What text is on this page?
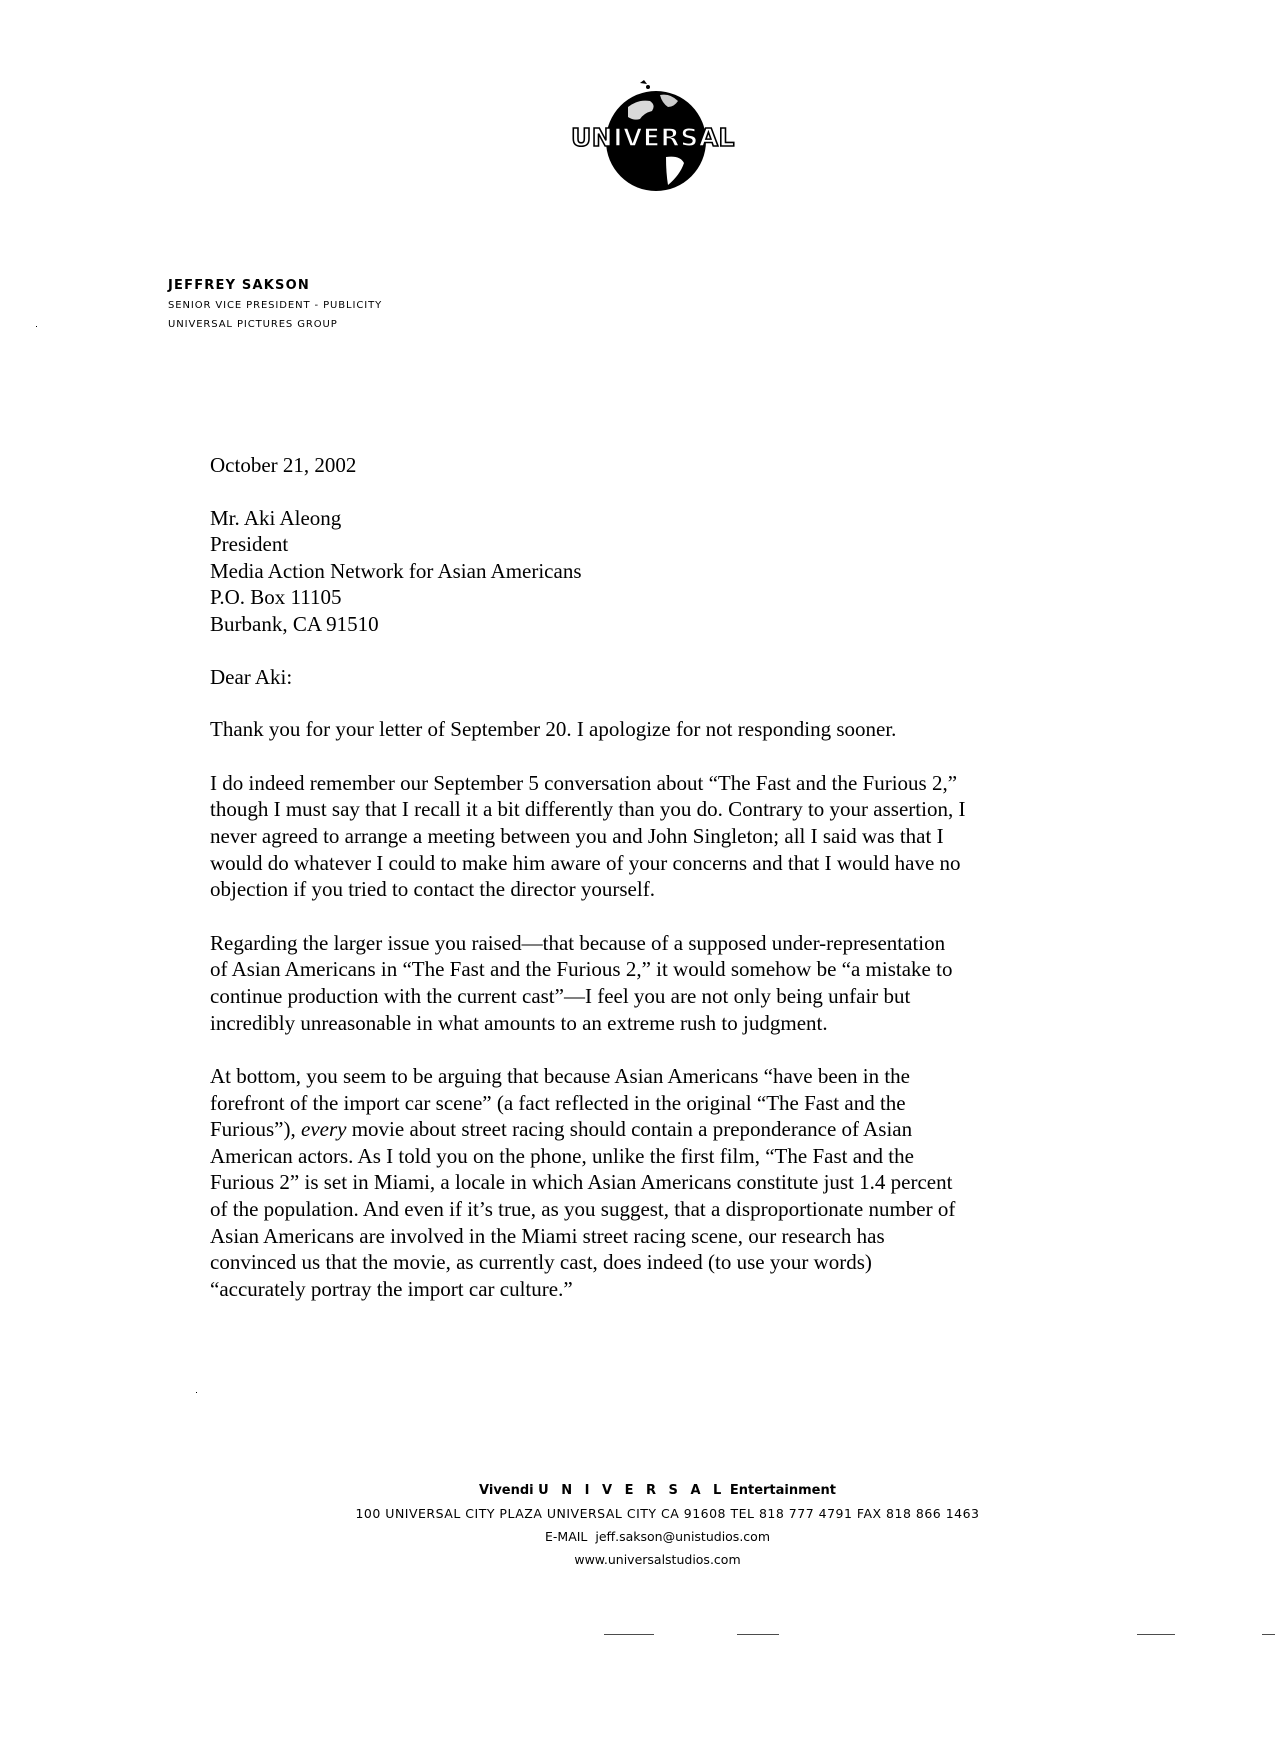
UNIVERSAL
JEFFREY SAKSON
SENIOR VICE PRESIDENT - PUBLICITY
UNIVERSAL PICTURES GROUP
October 21, 2002
Mr. Aki Aleong
President
Media Action Network for Asian Americans
P.O. Box 11105
Burbank, CA 91510
Dear Aki:

Thank you for your letter of September 20. I apologize for not responding sooner.

I do indeed remember our September 5 conversation about “The Fast and the Furious 2,”
though I must say that I recall it a bit differently than you do. Contrary to your assertion, I
never agreed to arrange a meeting between you and John Singleton; all I said was that I
would do whatever I could to make him aware of your concerns and that I would have no
objection if you tried to contact the director yourself.

Regarding the larger issue you raised—that because of a supposed under-representation
of Asian Americans in “The Fast and the Furious 2,” it would somehow be “a mistake to
continue production with the current cast”—I feel you are not only being unfair but
incredibly unreasonable in what amounts to an extreme rush to judgment.

At bottom, you seem to be arguing that because Asian Americans “have been in the
forefront of the import car scene” (a fact reflected in the original “The Fast and the
Furious”), every movie about street racing should contain a preponderance of Asian
American actors. As I told you on the phone, unlike the first film, “The Fast and the
Furious 2” is set in Miami, a locale in which Asian Americans constitute just 1.4 percent
of the population. And even if it’s true, as you suggest, that a disproportionate number of
Asian Americans are involved in the Miami street racing scene, our research has
convinced us that the movie, as currently cast, does indeed (to use your words)
“accurately portray the import car culture.”

Vivendi U N I V E R S A L Entertainment
100 UNIVERSAL CITY PLAZA UNIVERSAL CITY CA 91608 TEL 818 777 4791 FAX 818 866 1463
E-MAIL jeff.sakson@unistudios.com
www.universalstudios.com
